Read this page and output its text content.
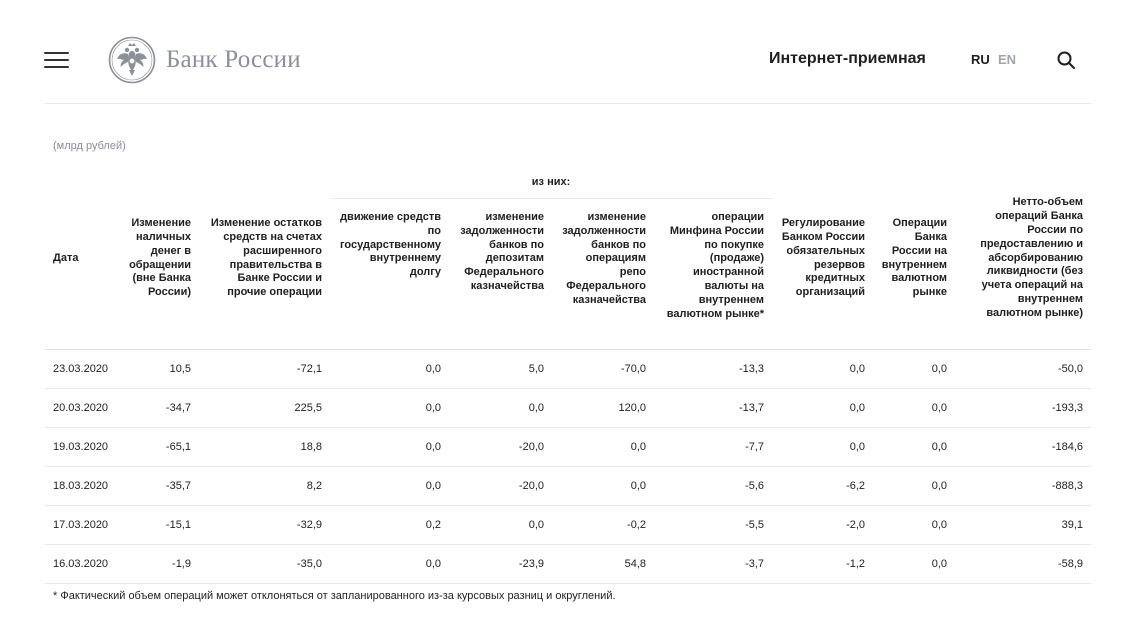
Банк России	Интернет-приемная	RU EN
(млрд рублей)
Дата	Изменение наличных денег в обращении (вне Банка России)	Изменение остатков средств на счетах расширенного правительства в Банке России и прочие операции	из них:				Регулирование Банком России обязательных резервов кредитных организаций	Операции Банка России на внутреннем валютном рынке	Нетто-объем операций Банка России по предоставлению и абсорбированию ликвидности (без учета операций на внутреннем валютном рынке)
			движение средств по государственному внутреннему долгу	изменение задолженности банков по депозитам Федерального казначейства	изменение задолженности банков по операциям репо Федерального казначейства	операции Минфина России по покупке (продаже) иностранной валюты на внутреннем валютном рынке*			
23.03.2020	10,5	-72,1	0,0	5,0	-70,0	-13,3	0,0	0,0	-50,0
20.03.2020	-34,7	225,5	0,0	0,0	120,0	-13,7	0,0	0,0	-193,3
19.03.2020	-65,1	18,8	0,0	-20,0	0,0	-7,7	0,0	0,0	-184,6
18.03.2020	-35,7	8,2	0,0	-20,0	0,0	-5,6	-6,2	0,0	-888,3
17.03.2020	-15,1	-32,9	0,2	0,0	-0,2	-5,5	-2,0	0,0	39,1
16.03.2020	-1,9	-35,0	0,0	-23,9	54,8	-3,7	-1,2	0,0	-58,9
* Фактический объем операций может отклоняться от запланированного из-за курсовых разниц и округлений.
